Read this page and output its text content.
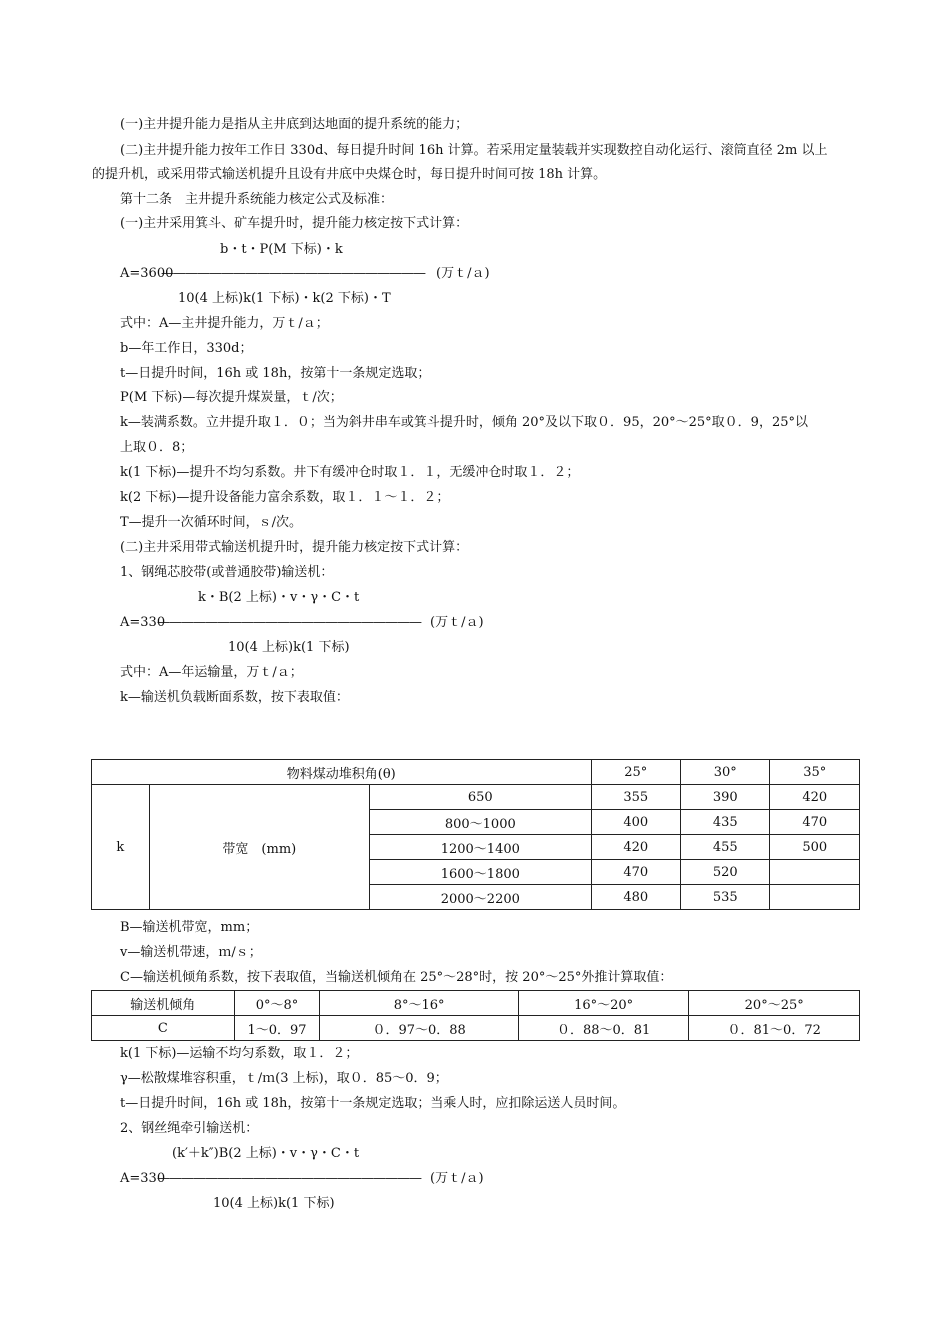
(一)主井提升能力是指从主井底到达地面的提升系统的能力；
(二)主井提升能力按年工作日 330d、每日提升时间 16h 计算。若采用定量装载并实现数控自动化运行、滚筒直径 2m 以上
的提升机，或采用带式输送机提升且设有井底中央煤仓时，每日提升时间可按 18h 计算。
第十二条　主井提升系统能力核定公式及标准：
(一)主井采用箕斗、矿车提升时，提升能力核定按下式计算：
b・t・P(M 下标)・k
A=3600
—————————————————————— (万ｔ/ａ)
10(4 上标)k(1 下标)・k(2 下标)・T
式中：A—主井提升能力，万ｔ/ａ；
b—年工作日，330d；
t—日提升时间，16h 或 18h，按第十一条规定选取；
P(M 下标)—每次提升煤炭量，ｔ/次；
k—装满系数。立井提升取１．０；当为斜井串车或箕斗提升时，倾角 20°及以下取０．95，20°～25°取０．9，25°以
上取０．8；
k(1 下标)—提升不均匀系数。井下有缓冲仓时取１．１，无缓冲仓时取１．２；
k(2 下标)—提升设备能力富余系数，取１．１～１．２；
T—提升一次循环时间，ｓ/次。
(二)主井采用带式输送机提升时，提升能力核定按下式计算：
1、钢绳芯胶带(或普通胶带)输送机：
k・B(2 上标)・v・γ・C・t
A=330
—————————————————————— (万ｔ/ａ)
10(4 上标)k(1 下标)
式中：A—年运输量，万ｔ/ａ；
k—输送机负载断面系数，按下表取值：
物料煤动堆积角(θ)			25°	30°	35°
k	带宽　(mm)	650	355	390	420
		800～1000	400	435	470
		1200～1400	420	455	500
		1600～1800	470	520	
		2000～2200	480	535	
B—输送机带宽，mm；
v—输送机带速，ｍ/ｓ；
C—输送机倾角系数，按下表取值，当输送机倾角在 25°～28°时，按 20°～25°外推计算取值：
输送机倾角	0°～8°	8°～16°	16°～20°	20°～25°
C	1～0．97	０．97～0．88	０．88～0．81	０．81～0．72
k(1 下标)—运输不均匀系数，取１．２；
γ—松散煤堆容积重，ｔ/ｍ(3 上标)，取０．85～0．9；
t—日提升时间，16h 或 18h，按第十一条规定选取；当乘人时，应扣除运送人员时间。
2、钢丝绳牵引输送机：
(k′＋k″)B(2 上标)・v・γ・C・t
A=330
—————————————————————— (万ｔ/ａ)
10(4 上标)k(1 下标)
